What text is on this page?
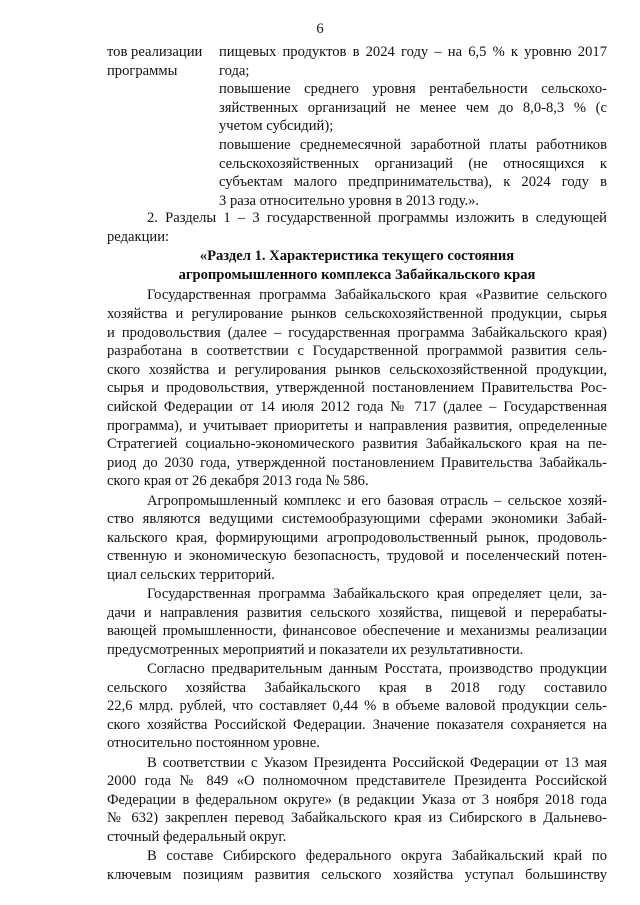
6
тов реализации
программы
пищевых продуктов в 2024 году – на 6,5 % к уровню 2017
года;
повышение среднего уровня рентабельности сельскохо-
зяйственных организаций не менее чем до 8,0-8,3 % (с
учетом субсидий);
повышение среднемесячной заработной платы работников
сельскохозяйственных организаций (не относящихся к
субъектам малого предпринимательства), к 2024 году в
3 раза относительно уровня в 2013 году.».
2. Разделы 1 – 3 государственной программы изложить в следующей
редакции:
«Раздел 1. Характеристика текущего состояния
агропромышленного комплекса Забайкальского края
Государственная программа Забайкальского края «Развитие сельского
хозяйства и регулирование рынков сельскохозяйственной продукции, сырья
и продовольствия (далее – государственная программа Забайкальского края)
разработана в соответствии с Государственной программой развития сель-
ского хозяйства и регулирования рынков сельскохозяйственной продукции,
сырья и продовольствия, утвержденной постановлением Правительства Рос-
сийской Федерации от 14 июля 2012 года № 717 (далее – Государственная
программа), и учитывает приоритеты и направления развития, определенные
Стратегией социально-экономического развития Забайкальского края на пе-
риод до 2030 года, утвержденной постановлением Правительства Забайкаль-
ского края от 26 декабря 2013 года № 586.
Агропромышленный комплекс и его базовая отрасль – сельское хозяй-
ство являются ведущими системообразующими сферами экономики Забай-
кальского края, формирующими агропродовольственный рынок, продоволь-
ственную и экономическую безопасность, трудовой и поселенческий потен-
циал сельских территорий.
Государственная программа Забайкальского края определяет цели, за-
дачи и направления развития сельского хозяйства, пищевой и перерабаты-
вающей промышленности, финансовое обеспечение и механизмы реализации
предусмотренных мероприятий и показатели их результативности.
Согласно предварительным данным Росстата, производство продукции
сельского хозяйства Забайкальского края в 2018 году составило
22,6 млрд. рублей, что составляет 0,44 % в объеме валовой продукции сель-
ского хозяйства Российской Федерации. Значение показателя сохраняется на
относительно постоянном уровне.
В соответствии с Указом Президента Российской Федерации от 13 мая
2000 года № 849 «О полномочном представителе Президента Российской
Федерации в федеральном округе» (в редакции Указа от 3 ноября 2018 года
№ 632) закреплен перевод Забайкальского края из Сибирского в Дальнево-
сточный федеральный округ.
В составе Сибирского федерального округа Забайкальский край по
ключевым позициям развития сельского хозяйства уступал большинству
